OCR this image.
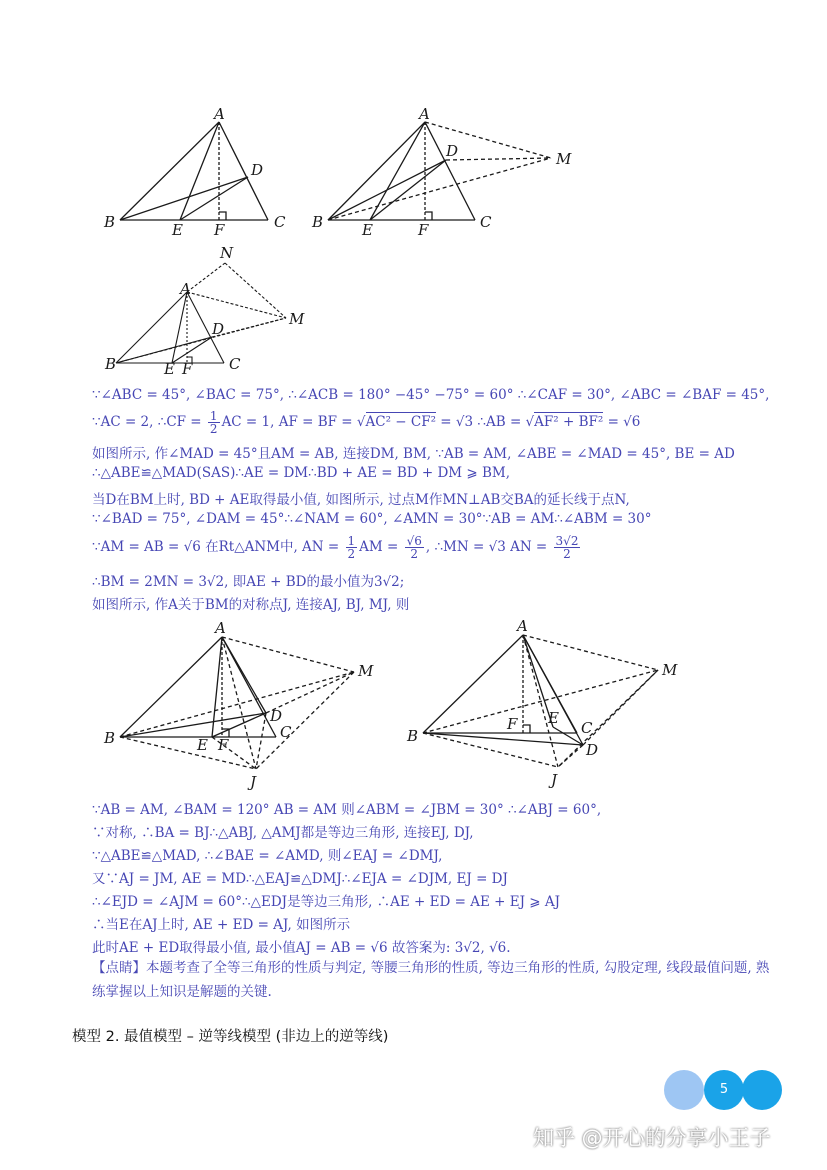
A
B	C
D
E F
A
B	C
D
E	F
M
A
B	C
D
E F
M
N
∵∠ABC = 45°, ∠BAC = 75°, ∴∠ACB = 180° −45° −75° = 60° ∴∠CAF = 30°, ∠ABC = ∠BAF = 45°,
∵AC = 2, ∴CF = $\frac{1}{2}$ AC = 1, AF = BF = √AC² − CF² = √3 ∴AB = √AF² + BF² = √6
如图所示, 作∠MAD = 45°且AM = AB, 连接DM, BM, ∵AB = AM, ∠ABE = ∠MAD = 45°, BE = AD
∴△ABE≌△MAD(SAS)∴AE = DM∴BD + AE = BD + DM ⩾ BM,
当D在BM上时, BD + AE取得最小值, 如图所示, 过点M作MN⊥AB交BA的延长线于点N,
∵∠BAD = 75°, ∠DAM = 45°∴∠NAM = 60°, ∠AMN = 30°∵AB = AM∴∠ABM = 30°
∵AM = AB = √6 在Rt△ANM中, AN = $\frac{1}{2}$ AM = $\frac{√6}{2}$ , ∴MN = √3 AN = $\frac{3√2}{2}$
∴BM = 2MN = 3√2, 即AE + BD的最小值为3√2;
如图所示, 作A关于BM的对称点J, 连接AJ, BJ, MJ, 则
∵AB = AM, ∠BAM = 120° AB = AM 则∠ABM = ∠JBM = 30° ∴∠ABJ = 60°,
∵对称, ∴BA = BJ∴△ABJ, △AMJ都是等边三角形, 连接EJ, DJ,
∵△ABE≌△MAD, ∴∠BAE = ∠AMD, 则∠EAJ = ∠DMJ,
又∵AJ = JM, AE = MD∴△EAJ≌△DMJ∴∠EJA = ∠DJM, EJ = DJ
∴∠EJD = ∠AJM = 60°∴△EDJ是等边三角形, ∴AE + ED = AE + EJ ⩾ AJ
∴当E在AJ上时, AE + ED = AJ, 如图所示
此时AE + ED取得最小值, 最小值AJ = AB = √6 故答案为: 3√2, √6.
A
B	C
D
E F
M
J
A
B	C
D
E
F
M
J
【点睛】本题考查了全等三角形的性质与判定, 等腰三角形的性质, 等边三角形的性质, 勾股定理, 线段最值问题, 熟练掌握以上知识是解题的关键.
模型 2. 最值模型 – 逆等线模型 (非边上的逆等线)
5
知乎 @开心的分享小王子
